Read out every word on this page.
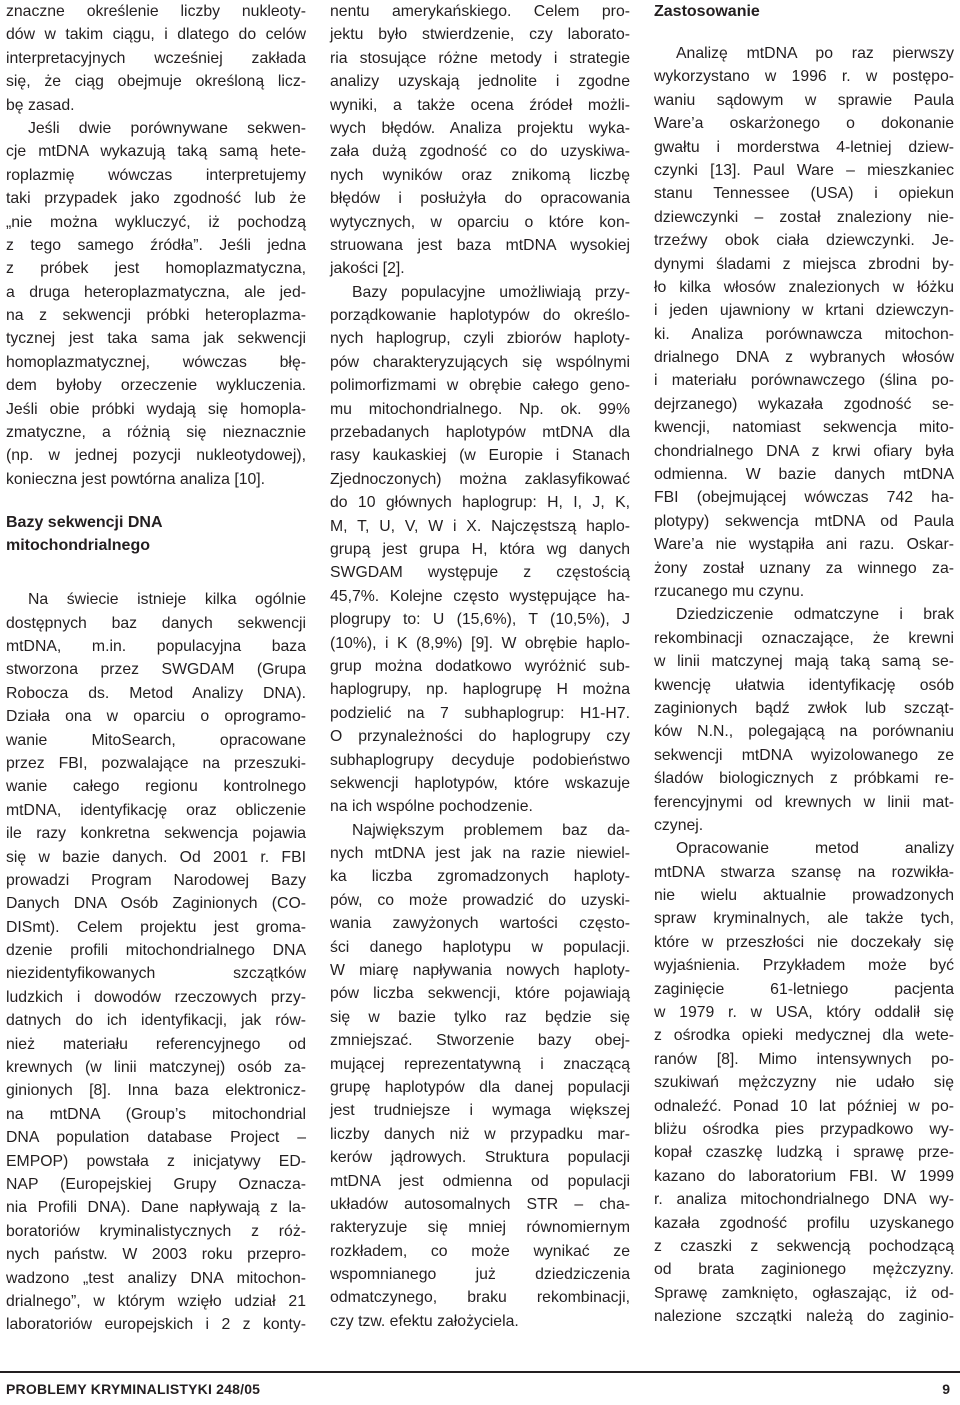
znaczne określenie liczby nukleoty-
dów w takim ciągu, i dlatego do celów
interpretacyjnych wcześniej zakłada
się, że ciąg obejmuje określoną licz-
bę zasad.
Jeśli dwie porównywane sekwen-
cje mtDNA wykazują taką samą hete-
roplazmię wówczas interpretujemy
taki przypadek jako zgodność lub że
„nie można wykluczyć, iż pochodzą
z tego samego źródła”. Jeśli jedna
z próbek jest homoplazmatyczna,
a druga heteroplazmatyczna, ale jed-
na z sekwencji próbki heteroplazma-
tycznej jest taka sama jak sekwencji
homoplazmatycznej, wówczas błę-
dem byłoby orzeczenie wykluczenia.
Jeśli obie próbki wydają się homopla-
zmatyczne, a różnią się nieznacznie
(np. w jednej pozycji nukleotydowej),
konieczna jest powtórna analiza [10].
Bazy sekwencji DNA
mitochondrialnego
Na świecie istnieje kilka ogólnie
dostępnych baz danych sekwencji
mtDNA, m.in. populacyjna baza
stworzona przez SWGDAM (Grupa
Robocza ds. Metod Analizy DNA).
Działa ona w oparciu o oprogramo-
wanie MitoSearch, opracowane
przez FBI, pozwalające na przeszuki-
wanie całego regionu kontrolnego
mtDNA, identyfikację oraz obliczenie
ile razy konkretna sekwencja pojawia
się w bazie danych. Od 2001 r. FBI
prowadzi Program Narodowej Bazy
Danych DNA Osób Zaginionych (CO-
DISmt). Celem projektu jest groma-
dzenie profili mitochondrialnego DNA
niezidentyfikowanych szczątków
ludzkich i dowodów rzeczowych przy-
datnych do ich identyfikacji, jak rów-
nież materiału referencyjnego od
krewnych (w linii matczynej) osób za-
ginionych [8]. Inna baza elektronicz-
na mtDNA (Group’s mitochondrial
DNA population database Project –
EMPOP) powstała z inicjatywy ED-
NAP (Europejskiej Grupy Oznacza-
nia Profili DNA). Dane napływają z la-
boratoriów kryminalistycznych z róż-
nych państw. W 2003 roku przepro-
wadzono „test analizy DNA mitochon-
drialnego”, w którym wzięło udział 21
laboratoriów europejskich i 2 z konty-
nentu amerykańskiego. Celem pro-
jektu było stwierdzenie, czy laborato-
ria stosujące różne metody i strategie
analizy uzyskają jednolite i zgodne
wyniki, a także ocena źródeł możli-
wych błędów. Analiza projektu wyka-
zała dużą zgodność co do uzyskiwa-
nych wyników oraz znikomą liczbę
błędów i posłużyła do opracowania
wytycznych, w oparciu o które kon-
struowana jest baza mtDNA wysokiej
jakości [2].
Bazy populacyjne umożliwiają przy-
porządkowanie haplotypów do określo-
nych haplogrup, czyli zbiorów haploty-
pów charakteryzujących się wspólnymi
polimorfizmami w obrębie całego geno-
mu mitochondrialnego. Np. ok. 99%
przebadanych haplotypów mtDNA dla
rasy kaukaskiej (w Europie i Stanach
Zjednoczonych) można zaklasyfikować
do 10 głównych haplogrup: H, I, J, K,
M, T, U, V, W i X. Najczęstszą haplo-
grupą jest grupa H, która wg danych
SWGDAM występuje z częstością
45,7%. Kolejne często występujące ha-
plogrupy to: U (15,6%), T (10,5%), J
(10%), i K (8,9%) [9]. W obrębie haplo-
grup można dodatkowo wyróżnić sub-
haplogrupy, np. haplogrupę H można
podzielić na 7 subhaplogrup: H1-H7.
O przynależności do haplogrupy czy
subhaplogrupy decyduje podobieństwo
sekwencji haplotypów, które wskazuje
na ich wspólne pochodzenie.
Największym problemem baz da-
nych mtDNA jest jak na razie niewiel-
ka liczba zgromadzonych haploty-
pów, co może prowadzić do uzyski-
wania zawyżonych wartości często-
ści danego haplotypu w populacji.
W miarę napływania nowych haploty-
pów liczba sekwencji, które pojawiają
się w bazie tylko raz będzie się
zmniejszać. Stworzenie bazy obej-
mującej reprezentatywną i znaczącą
grupę haplotypów dla danej populacji
jest trudniejsze i wymaga większej
liczby danych niż w przypadku mar-
kerów jądrowych. Struktura populacji
mtDNA jest odmienna od populacji
układów autosomalnych STR – cha-
rakteryzuje się mniej równomiernym
rozkładem, co może wynikać ze
wspomnianego już dziedziczenia
odmatczynego, braku rekombinacji,
czy tzw. efektu założyciela.
Zastosowanie
Analizę mtDNA po raz pierwszy
wykorzystano w 1996 r. w postępo-
waniu sądowym w sprawie Paula
Ware’a oskarżonego o dokonanie
gwałtu i morderstwa 4-letniej dziew-
czynki [13]. Paul Ware – mieszkaniec
stanu Tennessee (USA) i opiekun
dziewczynki – został znaleziony nie-
trzeźwy obok ciała dziewczynki. Je-
dynymi śladami z miejsca zbrodni by-
ło kilka włosów znalezionych w łóżku
i jeden ujawniony w krtani dziewczyn-
ki. Analiza porównawcza mitochon-
drialnego DNA z wybranych włosów
i materiału porównawczego (ślina po-
dejrzanego) wykazała zgodność se-
kwencji, natomiast sekwencja mito-
chondrialnego DNA z krwi ofiary była
odmienna. W bazie danych mtDNA
FBI (obejmującej wówczas 742 ha-
plotypy) sekwencja mtDNA od Paula
Ware’a nie wystąpiła ani razu. Oskar-
żony został uznany za winnego za-
rzucanego mu czynu.
Dziedziczenie odmatczyne i brak
rekombinacji oznaczające, że krewni
w linii matczynej mają taką samą se-
kwencję ułatwia identyfikację osób
zaginionych bądź zwłok lub szcząt-
ków N.N., polegającą na porównaniu
sekwencji mtDNA wyizolowanego ze
śladów biologicznych z próbkami re-
ferencyjnymi od krewnych w linii mat-
czynej.
Opracowanie metod analizy
mtDNA stwarza szansę na rozwikła-
nie wielu aktualnie prowadzonych
spraw kryminalnych, ale także tych,
które w przeszłości nie doczekały się
wyjaśnienia. Przykładem może być
zaginięcie 61-letniego pacjenta
w 1979 r. w USA, który oddalił się
z ośrodka opieki medycznej dla wete-
ranów [8]. Mimo intensywnych po-
szukiwań mężczyzny nie udało się
odnaleźć. Ponad 10 lat później w po-
bliżu ośrodka pies przypadkowo wy-
kopał czaszkę ludzką i sprawę prze-
kazano do laboratorium FBI. W 1999
r. analiza mitochondrialnego DNA wy-
kazała zgodność profilu uzyskanego
z czaszki z sekwencją pochodzącą
od brata zaginionego mężczyzny.
Sprawę zamknięto, ogłaszając, iż od-
nalezione szczątki należą do zaginio-
PROBLEMY KRYMINALISTYKI 248/05	9
